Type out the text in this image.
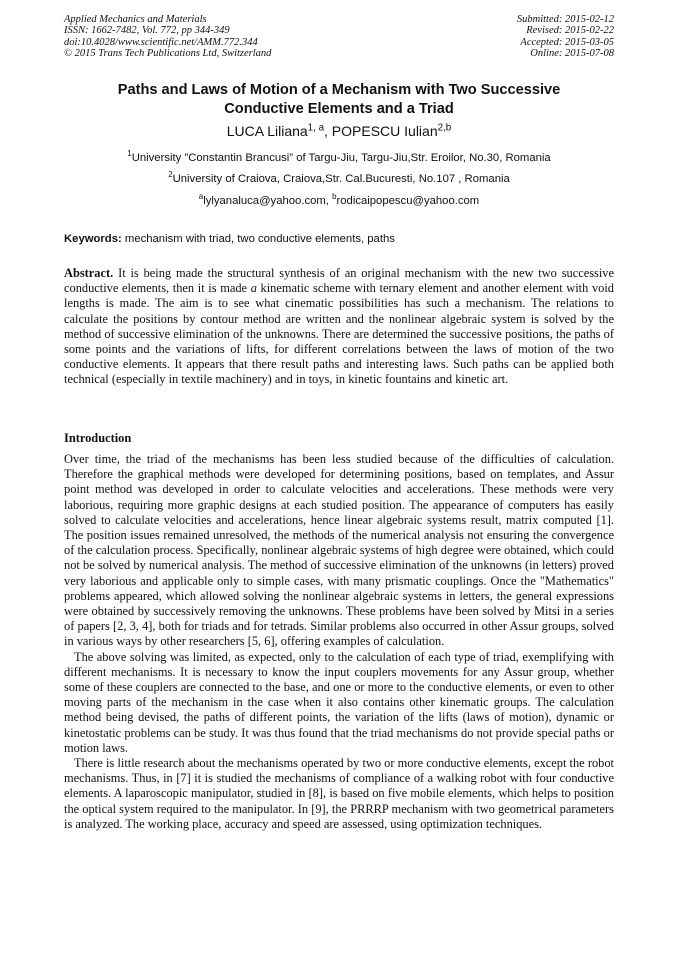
Applied Mechanics and Materials
ISSN: 1662-7482, Vol. 772, pp 344-349
doi:10.4028/www.scientific.net/AMM.772.344
© 2015 Trans Tech Publications Ltd, Switzerland
Submitted: 2015-02-12
Revised: 2015-02-22
Accepted: 2015-03-05
Online: 2015-07-08
Paths and Laws of Motion of a Mechanism with Two Successive
Conductive Elements and a Triad
LUCA Liliana$^{1, a}$, POPESCU Iulian$^{2,b}$
$^1$University ”Constantin Brancusi” of Targu-Jiu, Targu-Jiu,Str. Eroilor, No.30, Romania
$^2$University of Craiova, Craiova,Str. Cal.Bucuresti, No.107 , Romania
$^a$lylyanaluca@yahoo.com, $^b$rodicaipopescu@yahoo.com
Keywords: mechanism with triad, two conductive elements, paths
Abstract. It is being made the structural synthesis of an original mechanism with the new two successive conductive elements, then it is made a kinematic scheme with ternary element and another element with void lengths is made. The aim is to see what cinematic possibilities has such a mechanism. The relations to calculate the positions by contour method are written and the nonlinear algebraic system is solved by the method of successive elimination of the unknowns. There are determined the successive positions, the paths of some points and the variations of lifts, for different correlations between the laws of motion of the two conductive elements. It appears that there result paths and interesting laws. Such paths can be applied both technical (especially in textile machinery) and in toys, in kinetic fountains and kinetic art.
Introduction

Over time, the triad of the mechanisms has been less studied because of the difficulties of calculation. Therefore the graphical methods were developed for determining positions, based on templates, and Assur point method was developed in order to calculate velocities and accelerations. These methods were very laborious, requiring more graphic designs at each studied position. The appearance of computers has easily solved to calculate velocities and accelerations, hence linear algebraic systems result, matrix computed [1]. The position issues remained unresolved, the methods of the numerical analysis not ensuring the convergence of the calculation process. Specifically, nonlinear algebraic systems of high degree were obtained, which could not be solved by numerical analysis. The method of successive elimination of the unknowns (in letters) proved very laborious and applicable only to simple cases, with many prismatic couplings. Once the "Mathematics" problems appeared, which allowed solving the nonlinear algebraic systems in letters, the general expressions were obtained by successively removing the unknowns. These problems have been solved by Mitsi in a series of papers [2, 3, 4], both for triads and for tetrads. Similar problems also occurred in other Assur groups, solved in various ways by other researchers [5, 6], offering examples of calculation.

The above solving was limited, as expected, only to the calculation of each type of triad, exemplifying with different mechanisms. It is necessary to know the input couplers movements for any Assur group, whether some of these couplers are connected to the base, and one or more to the conductive elements, or even to other moving parts of the mechanism in the case when it also contains other kinematic groups. The calculation method being devised, the paths of different points, the variation of the lifts (laws of motion), dynamic or kinetostatic problems can be study. It was thus found that the triad mechanisms do not provide special paths or motion laws.

There is little research about the mechanisms operated by two or more conductive elements, except the robot mechanisms. Thus, in [7] it is studied the mechanisms of compliance of a walking robot with four conductive elements. A laparoscopic manipulator, studied in [8], is based on five mobile elements, which helps to position the optical system required to the manipulator. In [9], the PRRRP mechanism with two geometrical parameters is analyzed. The working place, accuracy and speed are assessed, using optimization techniques.
